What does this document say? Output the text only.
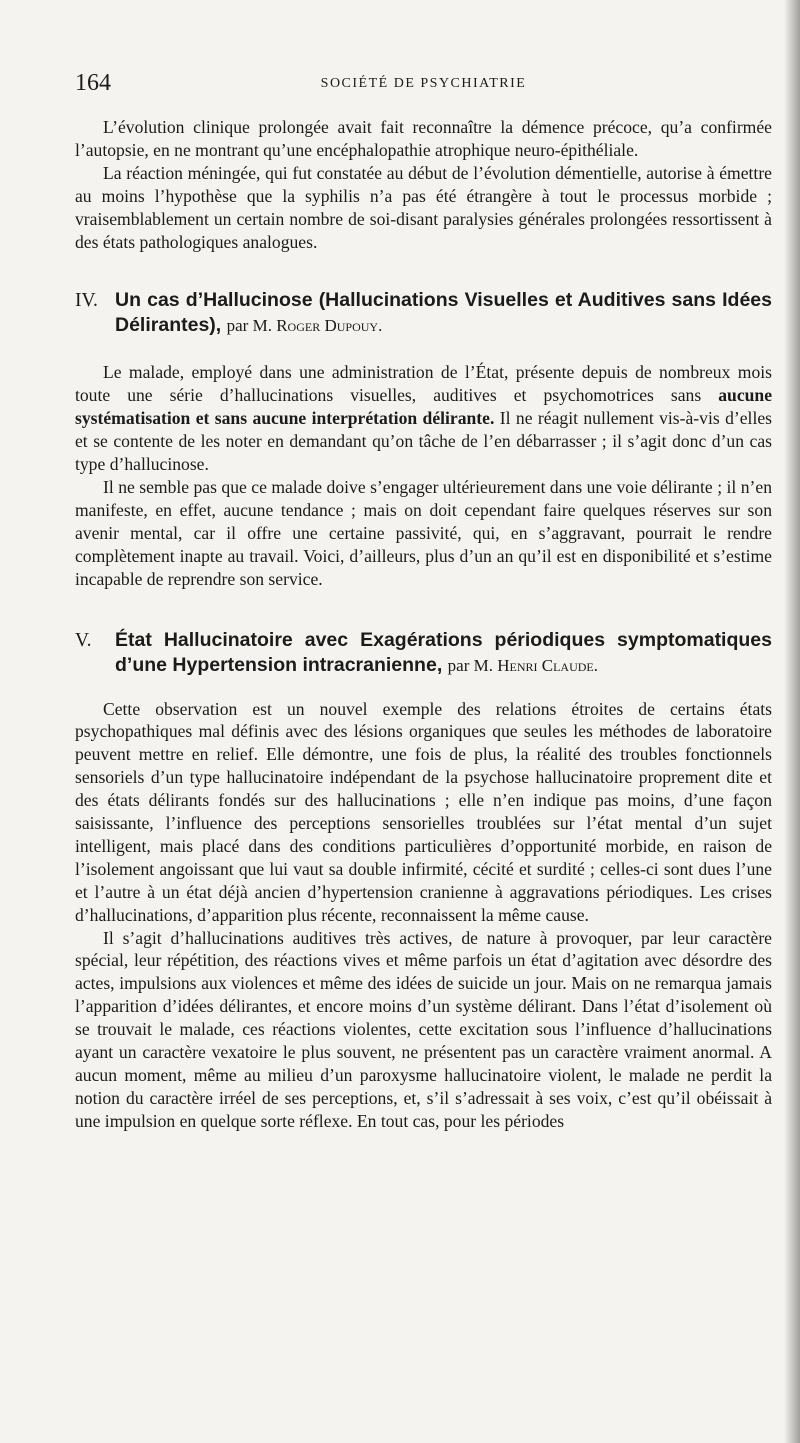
164	SOCIÉTÉ DE PSYCHIATRIE

L’évolution clinique prolongée avait fait reconnaître la démence précoce, qu’a confirmée l’autopsie, en ne montrant qu’une encéphalopathie atrophique neuro-épithéliale.

La réaction méningée, qui fut constatée au début de l’évolution démentielle, autorise à émettre au moins l’hypothèse que la syphilis n’a pas été étrangère à tout le processus morbide ; vraisemblablement un certain nombre de soi-disant paralysies générales prolongées ressortissent à des états pathologiques analogues.

IV. Un cas d’Hallucinose (Hallucinations Visuelles et Auditives sans Idées Délirantes), par M. Roger Dupouy.

Le malade, employé dans une administration de l’État, présente depuis de nombreux mois toute une série d’hallucinations visuelles, auditives et psychomotrices sans aucune systématisation et sans aucune interprétation délirante. Il ne réagit nullement vis-à-vis d’elles et se contente de les noter en demandant qu’on tâche de l’en débarrasser ; il s’agit donc d’un cas type d’hallucinose.

Il ne semble pas que ce malade doive s’engager ultérieurement dans une voie délirante ; il n’en manifeste, en effet, aucune tendance ; mais on doit cependant faire quelques réserves sur son avenir mental, car il offre une certaine passivité, qui, en s’aggravant, pourrait le rendre complètement inapte au travail. Voici, d’ailleurs, plus d’un an qu’il est en disponibilité et s’estime incapable de reprendre son service.

V. État Hallucinatoire avec Exagérations périodiques symptomatiques d’une Hypertension intracranienne, par M. Henri Claude.

Cette observation est un nouvel exemple des relations étroites de certains états psychopathiques mal définis avec des lésions organiques que seules les méthodes de laboratoire peuvent mettre en relief. Elle démontre, une fois de plus, la réalité des troubles fonctionnels sensoriels d’un type hallucinatoire indépendant de la psychose hallucinatoire proprement dite et des états délirants fondés sur des hallucinations ; elle n’en indique pas moins, d’une façon saisissante, l’influence des perceptions sensorielles troublées sur l’état mental d’un sujet intelligent, mais placé dans des conditions particulières d’opportunité morbide, en raison de l’isolement angoissant que lui vaut sa double infirmité, cécité et surdité ; celles-ci sont dues l’une et l’autre à un état déjà ancien d’hypertension cranienne à aggravations périodiques. Les crises d’hallucinations, d’apparition plus récente, reconnaissent la même cause.

Il s’agit d’hallucinations auditives très actives, de nature à provoquer, par leur caractère spécial, leur répétition, des réactions vives et même parfois un état d’agitation avec désordre des actes, impulsions aux violences et même des idées de suicide un jour. Mais on ne remarqua jamais l’apparition d’idées délirantes, et encore moins d’un système délirant. Dans l’état d’isolement où se trouvait le malade, ces réactions violentes, cette excitation sous l’influence d’hallucinations ayant un caractère vexatoire le plus souvent, ne présentent pas un caractère vraiment anormal. A aucun moment, même au milieu d’un paroxysme hallucinatoire violent, le malade ne perdit la notion du caractère irréel de ses perceptions, et, s’il s’adressait à ses voix, c’est qu’il obéissait à une impulsion en quelque sorte réflexe. En tout cas, pour les périodes
